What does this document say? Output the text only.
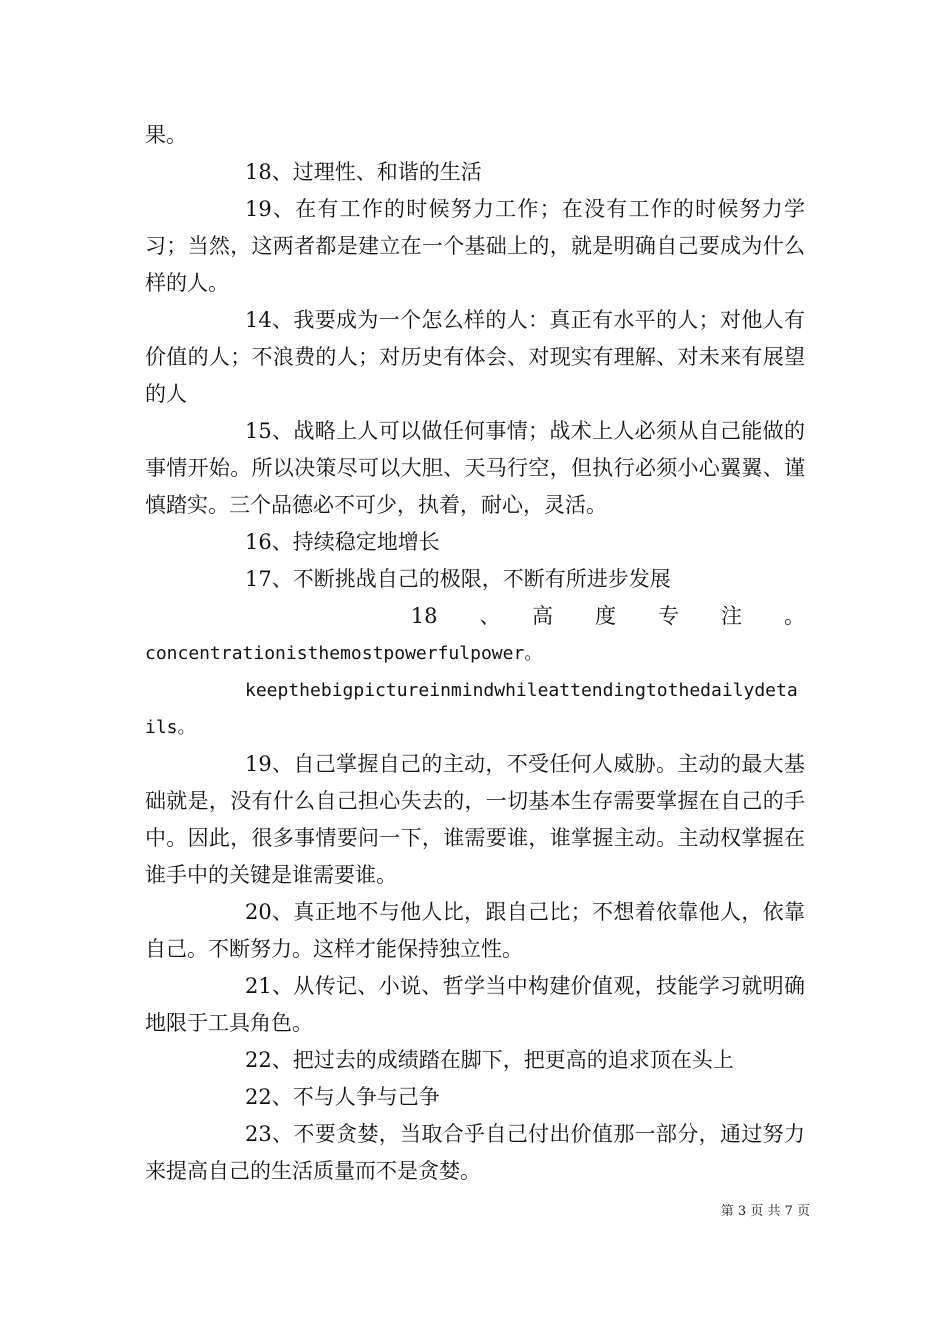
果。

18、过理性、和谐的生活

19、在有工作的时候努力工作；在没有工作的时候努力学习；当然，这两者都是建立在一个基础上的，就是明确自己要成为什么样的人。

14、我要成为一个怎么样的人：真正有水平的人；对他人有价值的人；不浪费的人；对历史有体会、对现实有理解、对未来有展望的人

15、战略上人可以做任何事情；战术上人必须从自己能做的事情开始。所以决策尽可以大胆、天马行空，但执行必须小心翼翼、谨慎踏实。三个品德必不可少，执着，耐心，灵活。

16、持续稳定地增长

17、不断挑战自己的极限，不断有所进步发展

18　　、　　高　　度　　专　　注　　。

concentrationisthemostpowerfulpower。

keepthebigpictureinmindwhileattendingtothedailydetails。

19、自己掌握自己的主动，不受任何人威胁。主动的最大基础就是，没有什么自己担心失去的，一切基本生存需要掌握在自己的手中。因此，很多事情要问一下，谁需要谁，谁掌握主动。主动权掌握在谁手中的关键是谁需要谁。

20、真正地不与他人比，跟自己比；不想着依靠他人，依靠自己。不断努力。这样才能保持独立性。

21、从传记、小说、哲学当中构建价值观，技能学习就明确地限于工具角色。

22、把过去的成绩踏在脚下，把更高的追求顶在头上

22、不与人争与己争

23、不要贪婪，当取合乎自己付出价值那一部分，通过努力来提高自己的生活质量而不是贪婪。

第 3 页 共 7 页
